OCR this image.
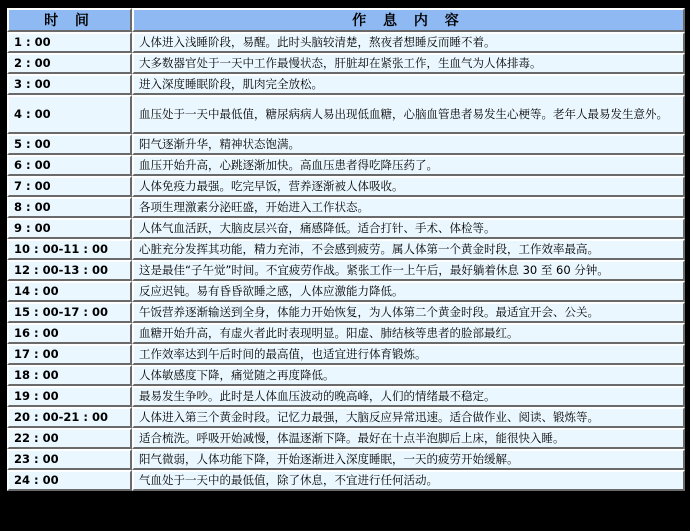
时 间	作 息 内 容
1 : 00	人体进入浅睡阶段，易醒。此时头脑较清楚，熬夜者想睡反而睡不着。
2 : 00	大多数器官处于一天中工作最慢状态，肝脏却在紧张工作，生血气为人体排毒。
3 : 00	进入深度睡眠阶段，肌肉完全放松。
4 : 00	血压处于一天中最低值，糖尿病病人易出现低血糖，心脑血管患者易发生心梗等。老年人最易发生意外。
5 : 00	阳气逐渐升华，精神状态饱满。
6 : 00	血压开始升高，心跳逐渐加快。高血压患者得吃降压药了。
7 : 00	人体免疫力最强。吃完早饭，营养逐渐被人体吸收。
8 : 00	各项生理激素分泌旺盛，开始进入工作状态。
9 : 00	人体气血活跃，大脑皮层兴奋，痛感降低。适合打针、手术、体检等。
10 : 00-11 : 00	心脏充分发挥其功能，精力充沛，不会感到疲劳。属人体第一个黄金时段，工作效率最高。
12 : 00-13 : 00	这是最佳“子午觉”时间。不宜疲劳作战。紧张工作一上午后，最好躺着休息 30 至 60 分钟。
14 : 00	反应迟钝。易有昏昏欲睡之感，人体应激能力降低。
15 : 00-17 : 00	午饭营养逐渐输送到全身，体能力开始恢复，为人体第二个黄金时段。最适宜开会、公关。
16 : 00	血糖开始升高，有虚火者此时表现明显。阳虚、肺结核等患者的脸部最红。
17 : 00	工作效率达到午后时间的最高值，也适宜进行体育锻炼。
18 : 00	人体敏感度下降，痛觉随之再度降低。
19 : 00	最易发生争吵。此时是人体血压波动的晚高峰，人们的情绪最不稳定。
20 : 00-21 : 00	人体进入第三个黄金时段。记忆力最强，大脑反应异常迅速。适合做作业、阅读、锻炼等。
22 : 00	适合梳洗。呼吸开始减慢，体温逐渐下降。最好在十点半泡脚后上床，能很快入睡。
23 : 00	阳气微弱，人体功能下降，开始逐渐进入深度睡眠，一天的疲劳开始缓解。
24 : 00	气血处于一天中的最低值，除了休息，不宜进行任何活动。
